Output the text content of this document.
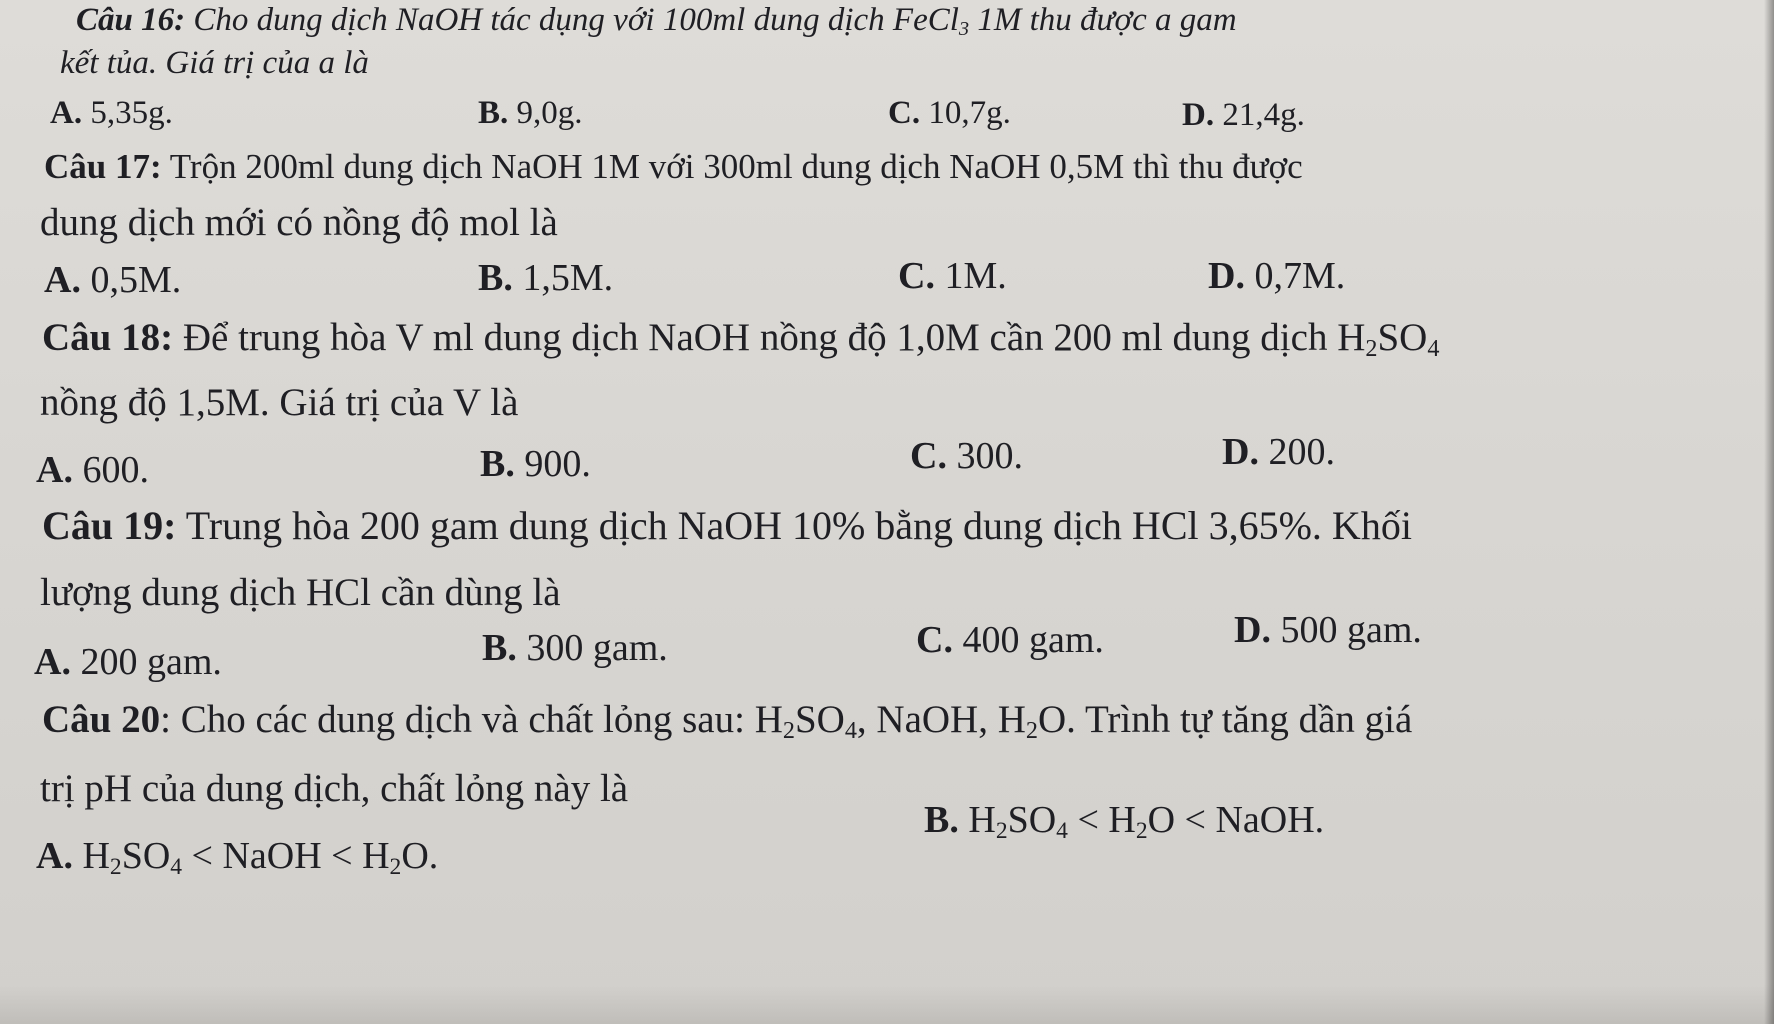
Câu 16: Cho dung dịch NaOH tác dụng với 100ml dung dịch FeCl$_3$ 1M thu được a gam
kết tủa. Giá trị của a là
A. 5,35g.	B. 9,0g.	C. 10,7g.	D. 21,4g.
Câu 17: Trộn 200ml dung dịch NaOH 1M với 300ml dung dịch NaOH 0,5M thì thu được
dung dịch mới có nồng độ mol là
A. 0,5M.	B. 1,5M.	C. 1M.	D. 0,7M.
Câu 18: Để trung hòa V ml dung dịch NaOH nồng độ 1,0M cần 200 ml dung dịch $H_2SO_4$
nồng độ 1,5M. Giá trị của V là
A. 600.	B. 900.	C. 300.	D. 200.
Câu 19: Trung hòa 200 gam dung dịch NaOH 10% bằng dung dịch HCl 3,65%. Khối
lượng dung dịch HCl cần dùng là
A. 200 gam.	B. 300 gam.	C. 400 gam.	D. 500 gam.
Câu 20: Cho các dung dịch và chất lỏng sau: $H_2SO_4$, NaOH, $H_2O$. Trình tự tăng dần giá
trị pH của dung dịch, chất lỏng này là
A. $H_2SO_4$ < NaOH < $H_2O$.
B. $H_2SO_4 < H_2O$ < NaOH.
